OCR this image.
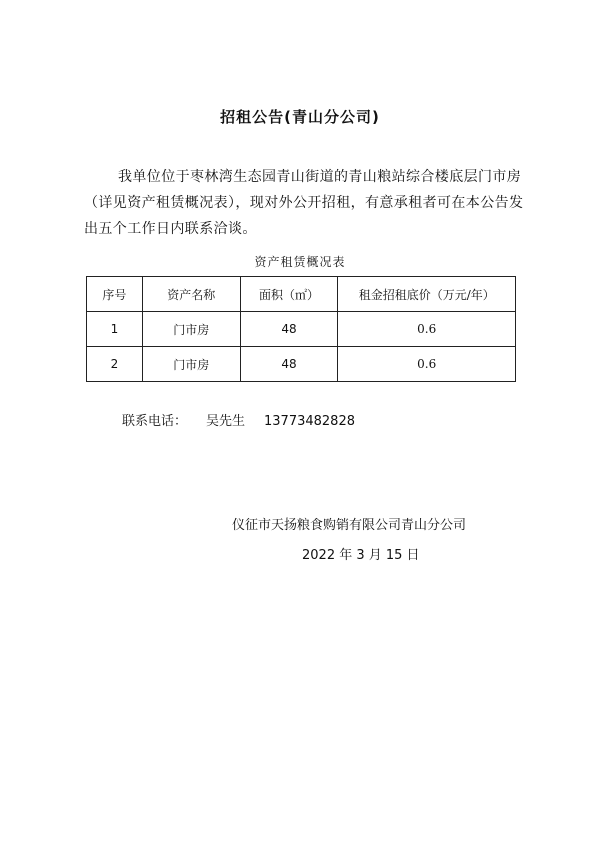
招租公告(青山分公司)

我单位位于枣林湾生态园青山街道的青山粮站综合楼底层门市房（详见资产租赁概况表），现对外公开招租，有意承租者可在本公告发出五个工作日内联系洽谈。

资产租赁概况表
序号	资产名称	面积（㎡）	租金招租底价（万元/年）
1	门市房	48	0.6
2	门市房	48	0.6
联系电话： 吴先生 13773482828
仪征市天扬粮食购销有限公司青山分公司
2022 年 3 月 15 日
